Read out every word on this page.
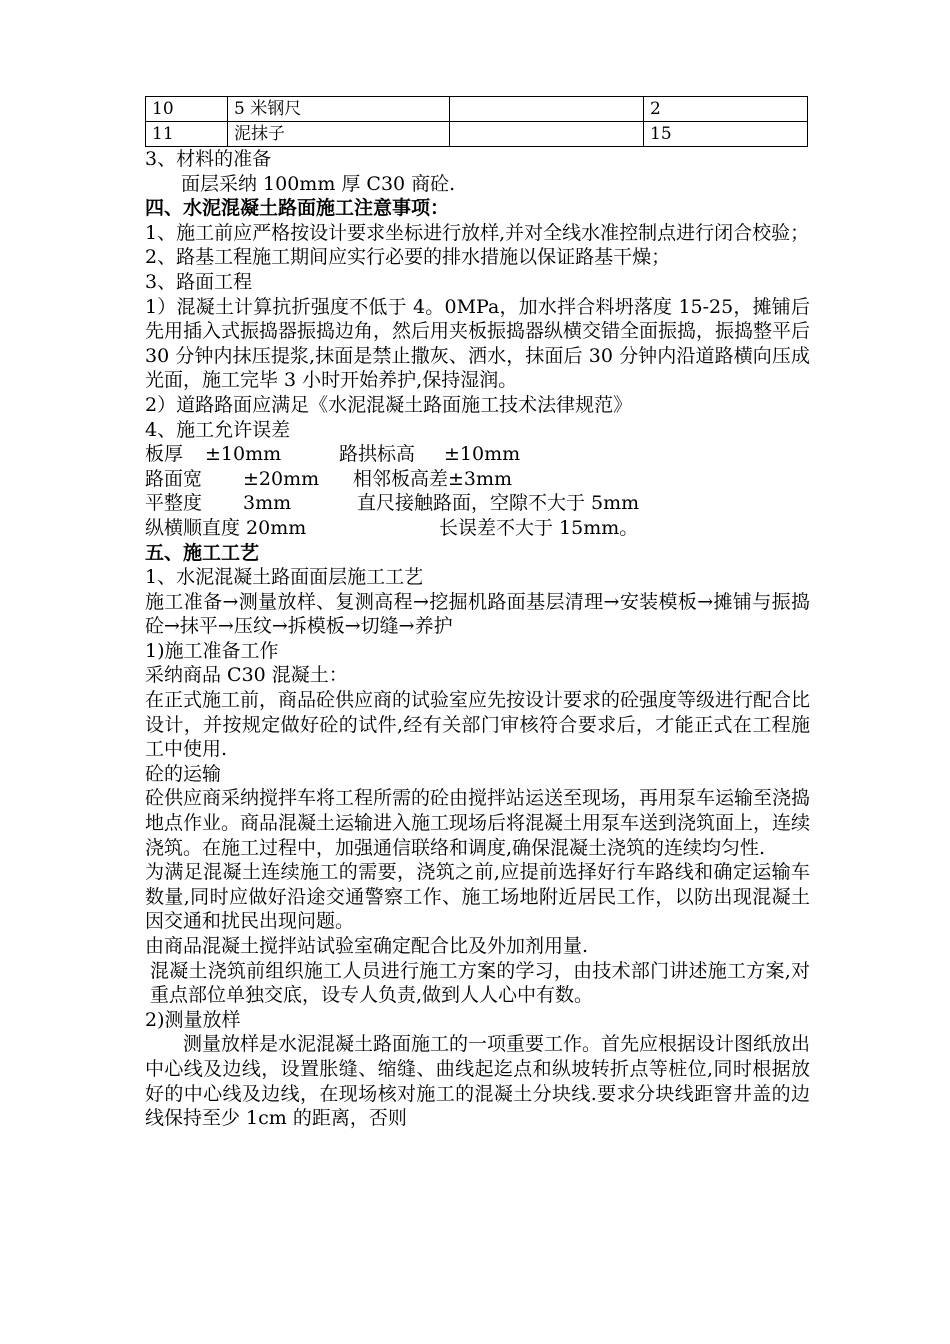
10	5 米钢尺		2
11	泥抹子		15

3、材料的准备

面层采纳 100mm 厚 C30 商砼.

四、水泥混凝土路面施工注意事项：

1、施工前应严格按设计要求坐标进行放样,并对全线水准控制点进行闭合校验；

2、路基工程施工期间应实行必要的排水措施以保证路基干燥；

3、路面工程

1）混凝土计算抗折强度不低于 4。0MPa，加水拌合料坍落度 15-25，摊铺后先用插入式振捣器振捣边角，然后用夹板振捣器纵横交错全面振捣，振捣整平后 30 分钟内抹压提浆,抹面是禁止撒灰、洒水，抹面后 30 分钟内沿道路横向压成光面，施工完毕 3 小时开始养护,保持湿润。

2）道路路面应满足《水泥混凝土路面施工技术法律规范》

4、施工允许误差

板厚	±10mm	路拱标高	±10mm
路面宽	±20mm	相邻板高差±3mm
平整度	3mm	直尺接触路面，空隙不大于 5mm
纵横顺直度 20mm	长误差不大于 15mm。

五、施工工艺

1、水泥混凝土路面面层施工工艺

施工准备→测量放样、复测高程→挖掘机路面基层清理→安装模板→摊铺与振捣砼→抹平→压纹→拆模板→切缝→养护

1)施工准备工作

采纳商品 C30 混凝土：

在正式施工前，商品砼供应商的试验室应先按设计要求的砼强度等级进行配合比设计，并按规定做好砼的试件,经有关部门审核符合要求后，才能正式在工程施工中使用.

砼的运输

砼供应商采纳搅拌车将工程所需的砼由搅拌站运送至现场，再用泵车运输至浇捣地点作业。商品混凝土运输进入施工现场后将混凝土用泵车送到浇筑面上，连续浇筑。在施工过程中，加强通信联络和调度,确保混凝土浇筑的连续均匀性.

为满足混凝土连续施工的需要，浇筑之前,应提前选择好行车路线和确定运输车数量,同时应做好沿途交通警察工作、施工场地附近居民工作，以防出现混凝土因交通和扰民出现问题。

由商品混凝土搅拌站试验室确定配合比及外加剂用量.

混凝土浇筑前组织施工人员进行施工方案的学习，由技术部门讲述施工方案,对重点部位单独交底，设专人负责,做到人人心中有数。

2)测量放样

测量放样是水泥混凝土路面施工的一项重要工作。首先应根据设计图纸放出中心线及边线，设置胀缝、缩缝、曲线起迄点和纵坡转折点等桩位,同时根据放好的中心线及边线，在现场核对施工的混凝土分块线.要求分块线距窨井盖的边线保持至少 1cm 的距离，否则
